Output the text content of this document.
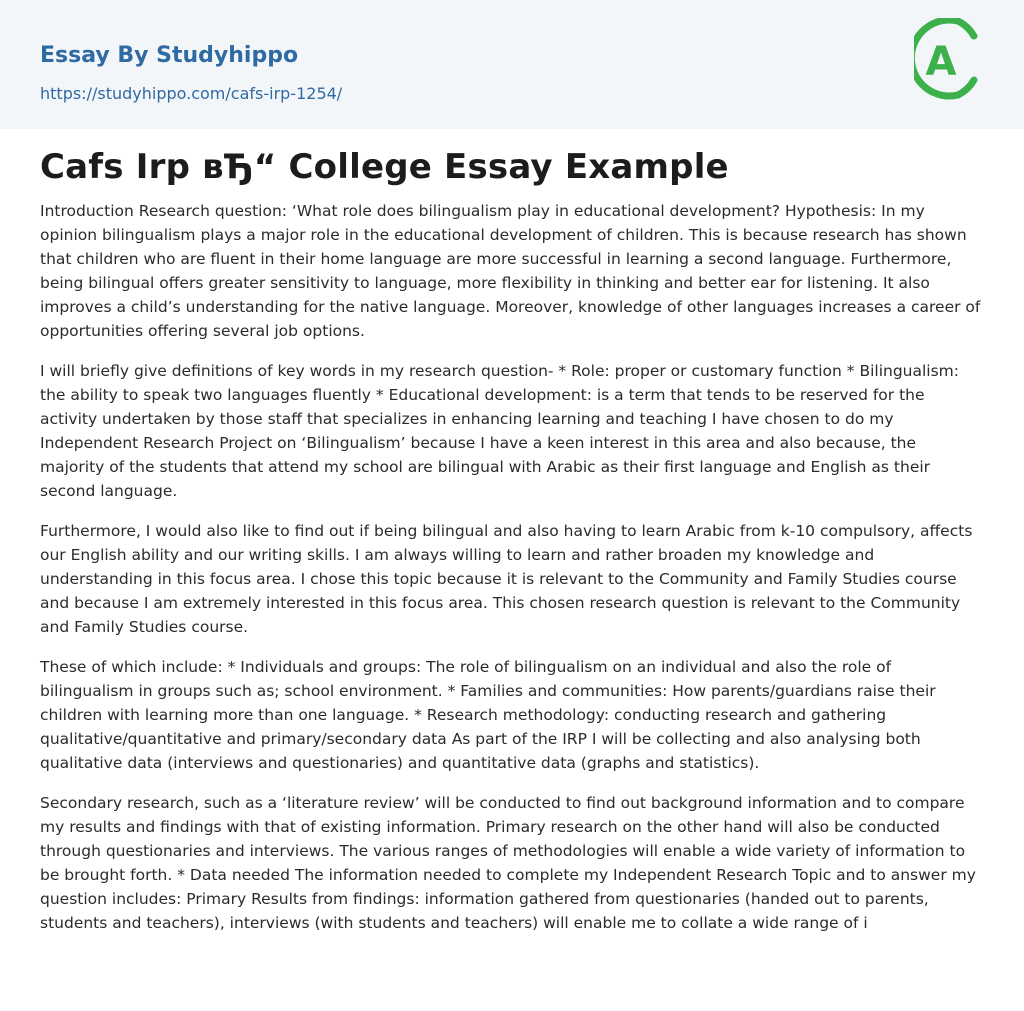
Essay By Studyhippo
https://studyhippo.com/cafs-irp-1254/
A
Cafs Irp вЂ“ College Essay Example

Introduction Research question: ‘What role does bilingualism play in educational development? Hypothesis: In my opinion bilingualism plays a major role in the educational development of children. This is because research has shown that children who are fluent in their home language are more successful in learning a second language. Furthermore, being bilingual offers greater sensitivity to language, more flexibility in thinking and better ear for listening. It also improves a child’s understanding for the native language. Moreover, knowledge of other languages increases a career of opportunities offering several job options.

I will briefly give definitions of key words in my research question- * Role: proper or customary function * Bilingualism: the ability to speak two languages fluently * Educational development: is a term that tends to be reserved for the activity undertaken by those staff that specializes in enhancing learning and teaching I have chosen to do my Independent Research Project on ‘Bilingualism’ because I have a keen interest in this area and also because, the majority of the students that attend my school are bilingual with Arabic as their first language and English as their second language.

Furthermore, I would also like to find out if being bilingual and also having to learn Arabic from k-10 compulsory, affects our English ability and our writing skills. I am always willing to learn and rather broaden my knowledge and understanding in this focus area. I chose this topic because it is relevant to the Community and Family Studies course and because I am extremely interested in this focus area. This chosen research question is relevant to the Community and Family Studies course.

These of which include: * Individuals and groups: The role of bilingualism on an individual and also the role of bilingualism in groups such as; school environment. * Families and communities: How parents/guardians raise their children with learning more than one language. * Research methodology: conducting research and gathering qualitative/quantitative and primary/secondary data As part of the IRP I will be collecting and also analysing both qualitative data (interviews and questionaries) and quantitative data (graphs and statistics).

Secondary research, such as a ‘literature review’ will be conducted to find out background information and to compare my results and findings with that of existing information. Primary research on the other hand will also be conducted through questionaries and interviews. The various ranges of methodologies will enable a wide variety of information to be brought forth. * Data needed The information needed to complete my Independent Research Topic and to answer my question includes: Primary Results from findings: information gathered from questionaries (handed out to parents, students and teachers), interviews (with students and teachers) will enable me to collate a wide range of i
